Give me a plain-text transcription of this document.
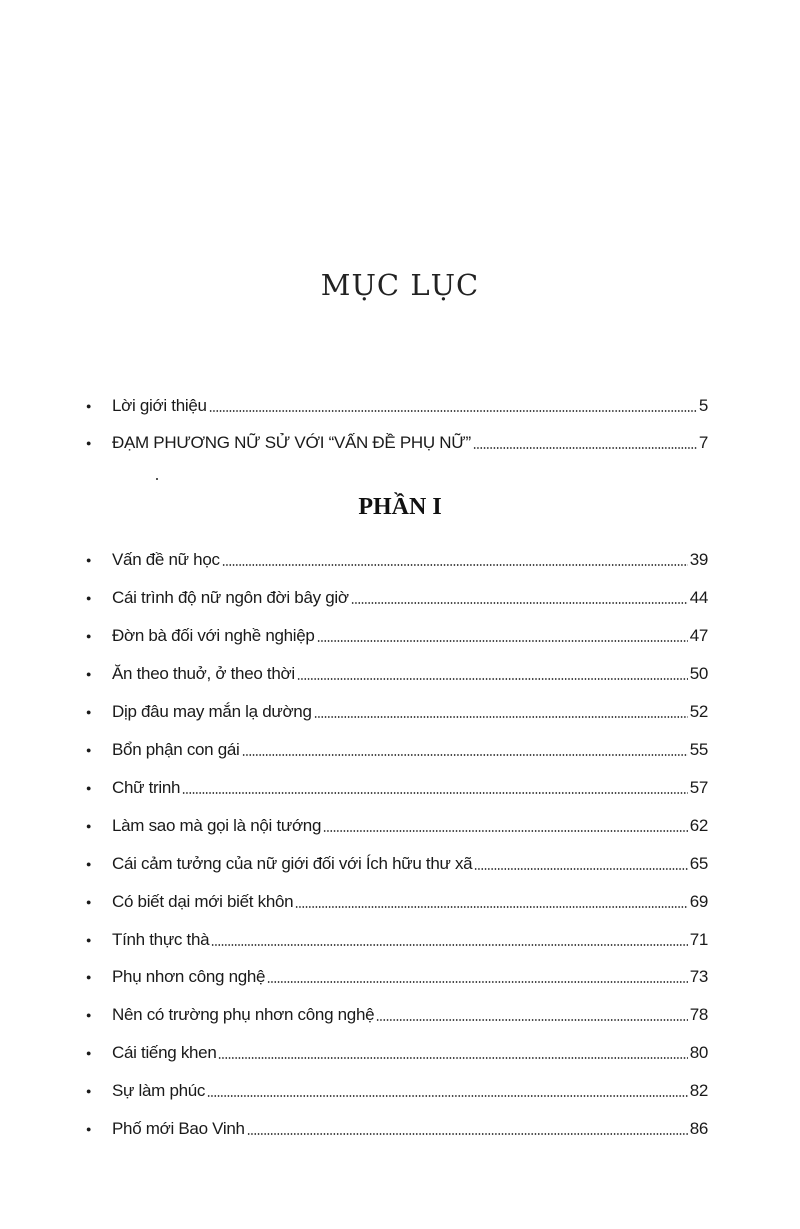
MỤC LỤC
●	Lời giới thiệu	5
●	ĐẠM PHƯƠNG NỮ SỬ VỚI “VẤN ĐỀ PHỤ NỮ”	7
PHẦN I
●	Vấn đề nữ học	39
●	Cái trình độ nữ ngôn đời bây giờ	44
●	Đờn bà đối với nghề nghiệp	47
●	Ăn theo thuở, ở theo thời	50
●	Dịp đâu may mắn lạ dường	52
●	Bổn phận con gái	55
●	Chữ trinh	57
●	Làm sao mà gọi là nội tướng	62
●	Cái cảm tưởng của nữ giới đối với Ích hữu thư xã	65
●	Có biết dại mới biết khôn	69
●	Tính thực thà	71
●	Phụ nhơn công nghệ	73
●	Nên có trường phụ nhơn công nghệ	78
●	Cái tiếng khen	80
●	Sự làm phúc	82
●	Phố mới Bao Vinh	86
